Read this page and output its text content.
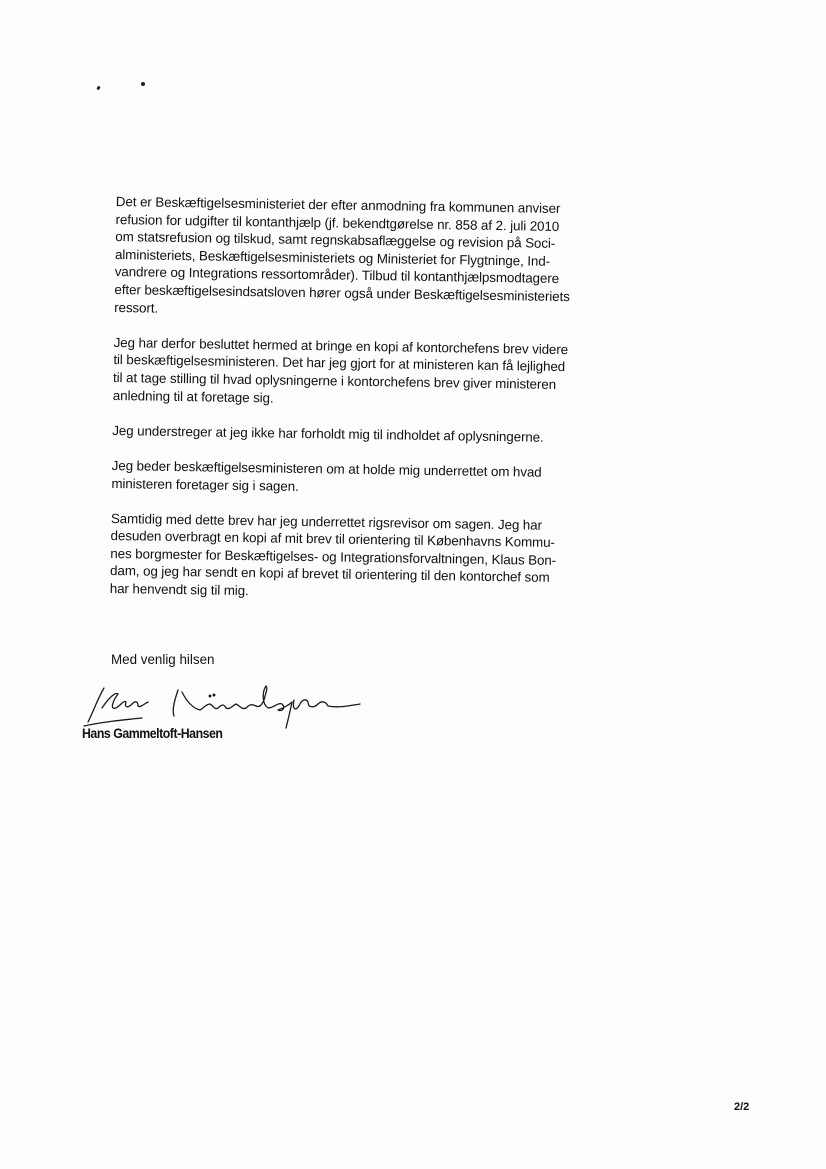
Det er Beskæftigelsesministeriet der efter anmodning fra kommunen anviser
refusion for udgifter til kontanthjælp (jf. bekendtgørelse nr. 858 af 2. juli 2010
om statsrefusion og tilskud, samt regnskabsaflæggelse og revision på Soci-
alministeriets, Beskæftigelsesministeriets og Ministeriet for Flygtninge, Ind-
vandrere og Integrations ressortområder). Tilbud til kontanthjælpsmodtagere
efter beskæftigelsesindsatsloven hører også under Beskæftigelsesministeriets
ressort.

Jeg har derfor besluttet hermed at bringe en kopi af kontorchefens brev videre
til beskæftigelsesministeren. Det har jeg gjort for at ministeren kan få lejlighed
til at tage stilling til hvad oplysningerne i kontorchefens brev giver ministeren
anledning til at foretage sig.

Jeg understreger at jeg ikke har forholdt mig til indholdet af oplysningerne.

Jeg beder beskæftigelsesministeren om at holde mig underrettet om hvad
ministeren foretager sig i sagen.

Samtidig med dette brev har jeg underrettet rigsrevisor om sagen. Jeg har
desuden overbragt en kopi af mit brev til orientering til Københavns Kommu-
nes borgmester for Beskæftigelses- og Integrationsforvaltningen, Klaus Bon-
dam, og jeg har sendt en kopi af brevet til orientering til den kontorchef som
har henvendt sig til mig.

Med venlig hilsen

Hans Gammeltoft-Hansen
2/2
